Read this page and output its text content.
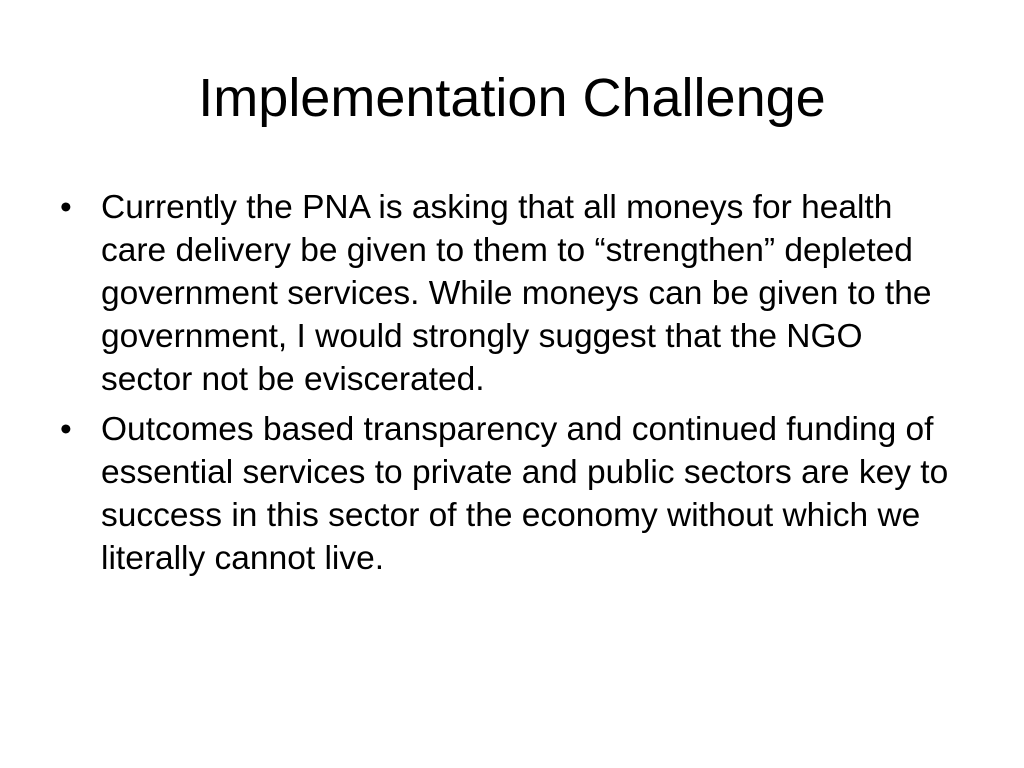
Implementation Challenge
• Currently the PNA is asking that all moneys for health care delivery be given to them to “strengthen” depleted government services. While moneys can be given to the government, I would strongly suggest that the NGO sector not be eviscerated.
• Outcomes based transparency and continued funding of essential services to private and public sectors are key to success in this sector of the economy without which we literally cannot live.
